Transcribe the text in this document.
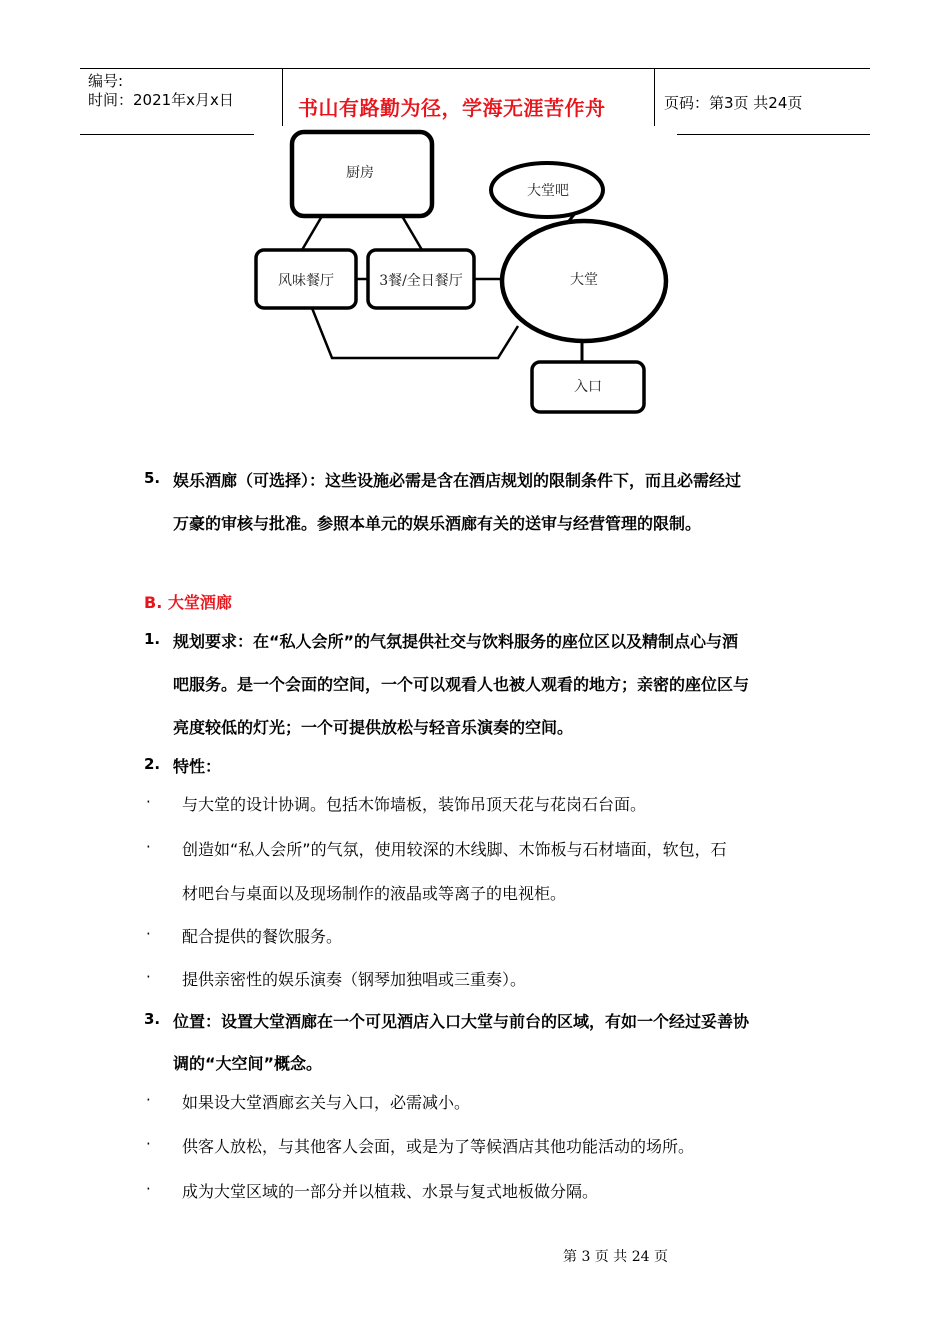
编号:
时间：2021年x月x日	书山有路勤为径，学海无涯苦作舟	页码：第3页 共24页
厨房
大堂吧
风味餐厅	3餐/全日餐厅	大堂
入口
5. 娱乐酒廊（可选择）：这些设施必需是含在酒店规划的限制条件下，而且必需经过
万豪的审核与批准。参照本单元的娱乐酒廊有关的送审与经营管理的限制。
B. 大堂酒廊
1. 规划要求：在“私人会所”的气氛提供社交与饮料服务的座位区以及精制点心与酒
吧服务。是一个会面的空间，一个可以观看人也被人观看的地方；亲密的座位区与
亮度较低的灯光；一个可提供放松与轻音乐演奏的空间。
2. 特性：
· 与大堂的设计协调。包括木饰墙板，装饰吊顶天花与花岗石台面。
· 创造如“私人会所”的气氛，使用较深的木线脚、木饰板与石材墙面，软包，石
材吧台与桌面以及现场制作的液晶或等离子的电视柜。
· 配合提供的餐饮服务。
· 提供亲密性的娱乐演奏（钢琴加独唱或三重奏）。
3. 位置：设置大堂酒廊在一个可见酒店入口大堂与前台的区域，有如一个经过妥善协
调的“大空间”概念。
· 如果设大堂酒廊玄关与入口，必需减小。
· 供客人放松，与其他客人会面，或是为了等候酒店其他功能活动的场所。
· 成为大堂区域的一部分并以植栽、水景与复式地板做分隔。
第 3 页 共 24 页
